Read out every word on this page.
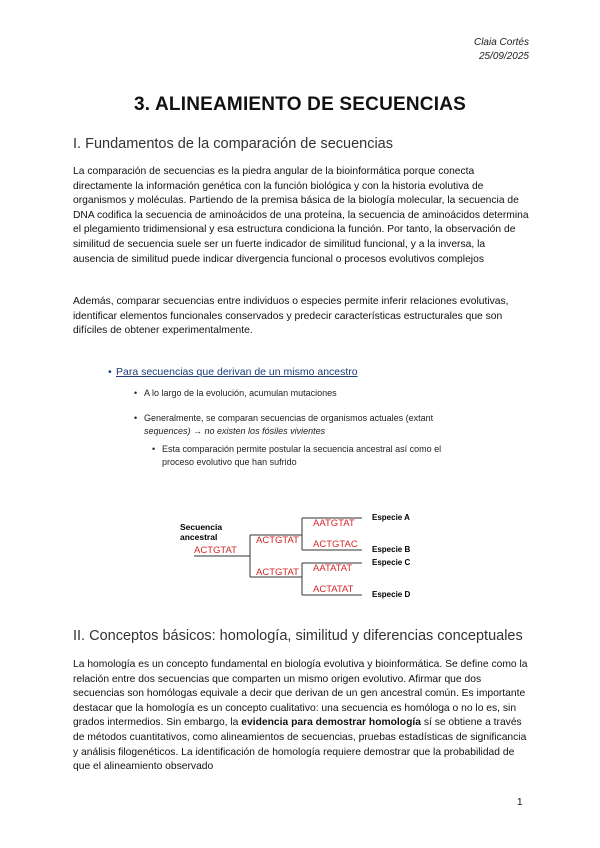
Claia Cortés
25/09/2025
3. ALINEAMIENTO DE SECUENCIAS
I. Fundamentos de la comparación de secuencias

La comparación de secuencias es la piedra angular de la bioinformática porque conecta directamente la información genética con la función biológica y con la historia evolutiva de organismos y moléculas. Partiendo de la premisa básica de la biología molecular, la secuencia de DNA codifica la secuencia de aminoácidos de una proteína, la secuencia de aminoácidos determina el plegamiento tridimensional y esa estructura condiciona la función. Por tanto, la observación de similitud de secuencia suele ser un fuerte indicador de similitud funcional, y a la inversa, la ausencia de similitud puede indicar divergencia funcional o procesos evolutivos complejos

Además, comparar secuencias entre individuos o especies permite inferir relaciones evolutivas, identificar elementos funcionales conservados y predecir características estructurales que son difíciles de obtener experimentalmente.

• Para secuencias que derivan de un mismo ancestro
• A lo largo de la evolución, acumulan mutaciones
• Generalmente, se comparan secuencias de organismos actuales (extant
sequences) → no existen los fósiles vivientes
• Esta comparación permite postular la secuencia ancestral así como el
proceso evolutivo que han sufrido
Secuencia
ancestral
ACTGTAT
ACTGTAT
ACTGTAT
AATGTAT
ACTGTAC
AATATAT
ACTATAT
Especie A
Especie B
Especie C
Especie D
II. Conceptos básicos: homología, similitud y diferencias conceptuales

La homología es un concepto fundamental en biología evolutiva y bioinformática. Se define como la relación entre dos secuencias que comparten un mismo origen evolutivo. Afirmar que dos secuencias son homólogas equivale a decir que derivan de un gen ancestral común. Es importante destacar que la homología es un concepto cualitativo: una secuencia es homóloga o no lo es, sin grados intermedios. Sin embargo, la evidencia para demostrar homología sí se obtiene a través de métodos cuantitativos, como alineamientos de secuencias, pruebas estadísticas de significancia y análisis filogenéticos. La identificación de homología requiere demostrar que la probabilidad de que el alineamiento observado

1
